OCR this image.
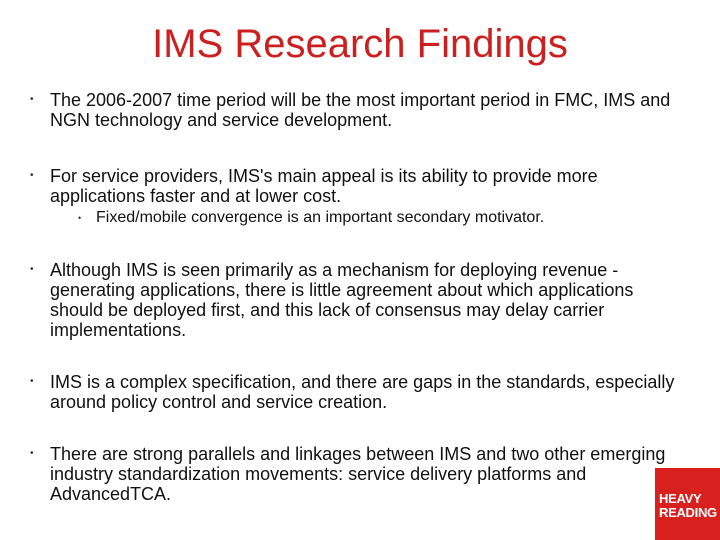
IMS Research Findings
• The 2006-2007 time period will be the most important period in FMC, IMS and NGN technology and service development.
• For service providers, IMS's main appeal is its ability to provide more applications faster and at lower cost.
• Fixed/mobile convergence is an important secondary motivator.
• Although IMS is seen primarily as a mechanism for deploying revenue -generating applications, there is little agreement about which applications should be deployed first, and this lack of consensus may delay carrier implementations.
• IMS is a complex specification, and there are gaps in the standards, especially around policy control and service creation.
• There are strong parallels and linkages between IMS and two other emerging industry standardization movements: service delivery platforms and AdvancedTCA.	HEAVY
READING
